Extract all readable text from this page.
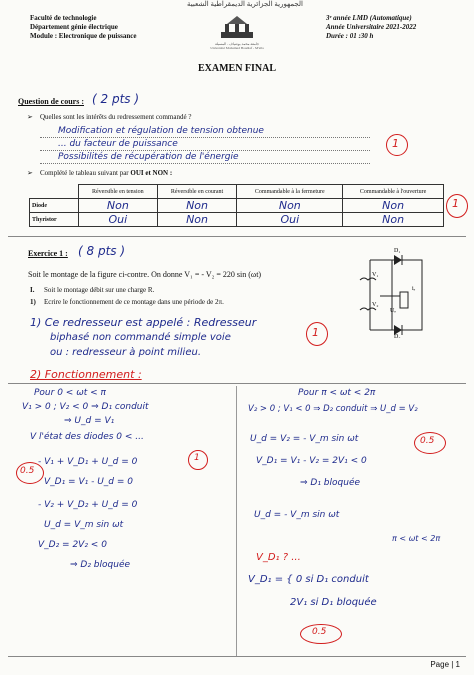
الجمهورية الجزائرية الديمقراطية الشعبية
Faculté de technologie
Département génie électrique
Module : Electronique de puissance
جامعة محمد بوضياف - المسيلة
Université Mohamed Boudiaf - M'sila
3ᵉ année LMD (Automatique)
Année Universitaire 2021-2022
Durée : 01 :30 h
EXAMEN FINAL
Question de cours : ( 2 pts )
➢ Quelles sont les intérêts du redressement commandé ?
Modification et régulation de tension obtenue
... du facteur de puissance
Possibilités de récupération de l'énergie
1
➢ Complété le tableau suivant par OUI et NON :
	Réversible en tension	Réversible en courant	Commandable à la fermeture	Commandable à l'ouverture
Diode	Non	Non	Non	Non
Thyristor	Oui	Non	Oui	Non
1
Exercice 1 : ( 8 pts )
Soit le montage de la figure ci-contre. On donne V₁ = - V₂ = 220 sin (ωt)
I. Soit le montage débit sur une charge R.
1) Ecrire le fonctionnement de ce montage dans une période de 2π.
D₁
V₁
V₂
Uₑ
iₑ
D₂
1) Ce redresseur est appelé : Redresseur
biphasé non commandé simple voie
ou : redresseur à point milieu.
1
2) Fonctionnement :
Pour 0 < ωt < π
V₁ > 0 ; V₂ < 0 ⇒ D₁ conduit
⇒ U_d = V₁
V l'état des diodes 0 < ...
- V₁ + V_D₁ + U_d = 0
V_D₁ = V₁ - U_d = 0
- V₂ + V_D₂ + U_d = 0
U_d = V_m sin ωt
V_D₂ = 2V₂ < 0
⇒ D₂ bloquée
1
0.5
Pour π < ωt < 2π
V₂ > 0 ; V₁ < 0 ⇒ D₂ conduit ⇒ U_d = V₂
U_d = V₂ = - V_m sin ωt
V_D₁ = V₁ - V₂ = 2V₁ < 0
⇒ D₁ bloquée
U_d = - V_m sin ωt
π < ωt < 2π
V_D₁ ? ...
V_D₁ = { 0 si D₁ conduit
2V₁ si D₁ bloquée
0.5
0.5
Page | 1
